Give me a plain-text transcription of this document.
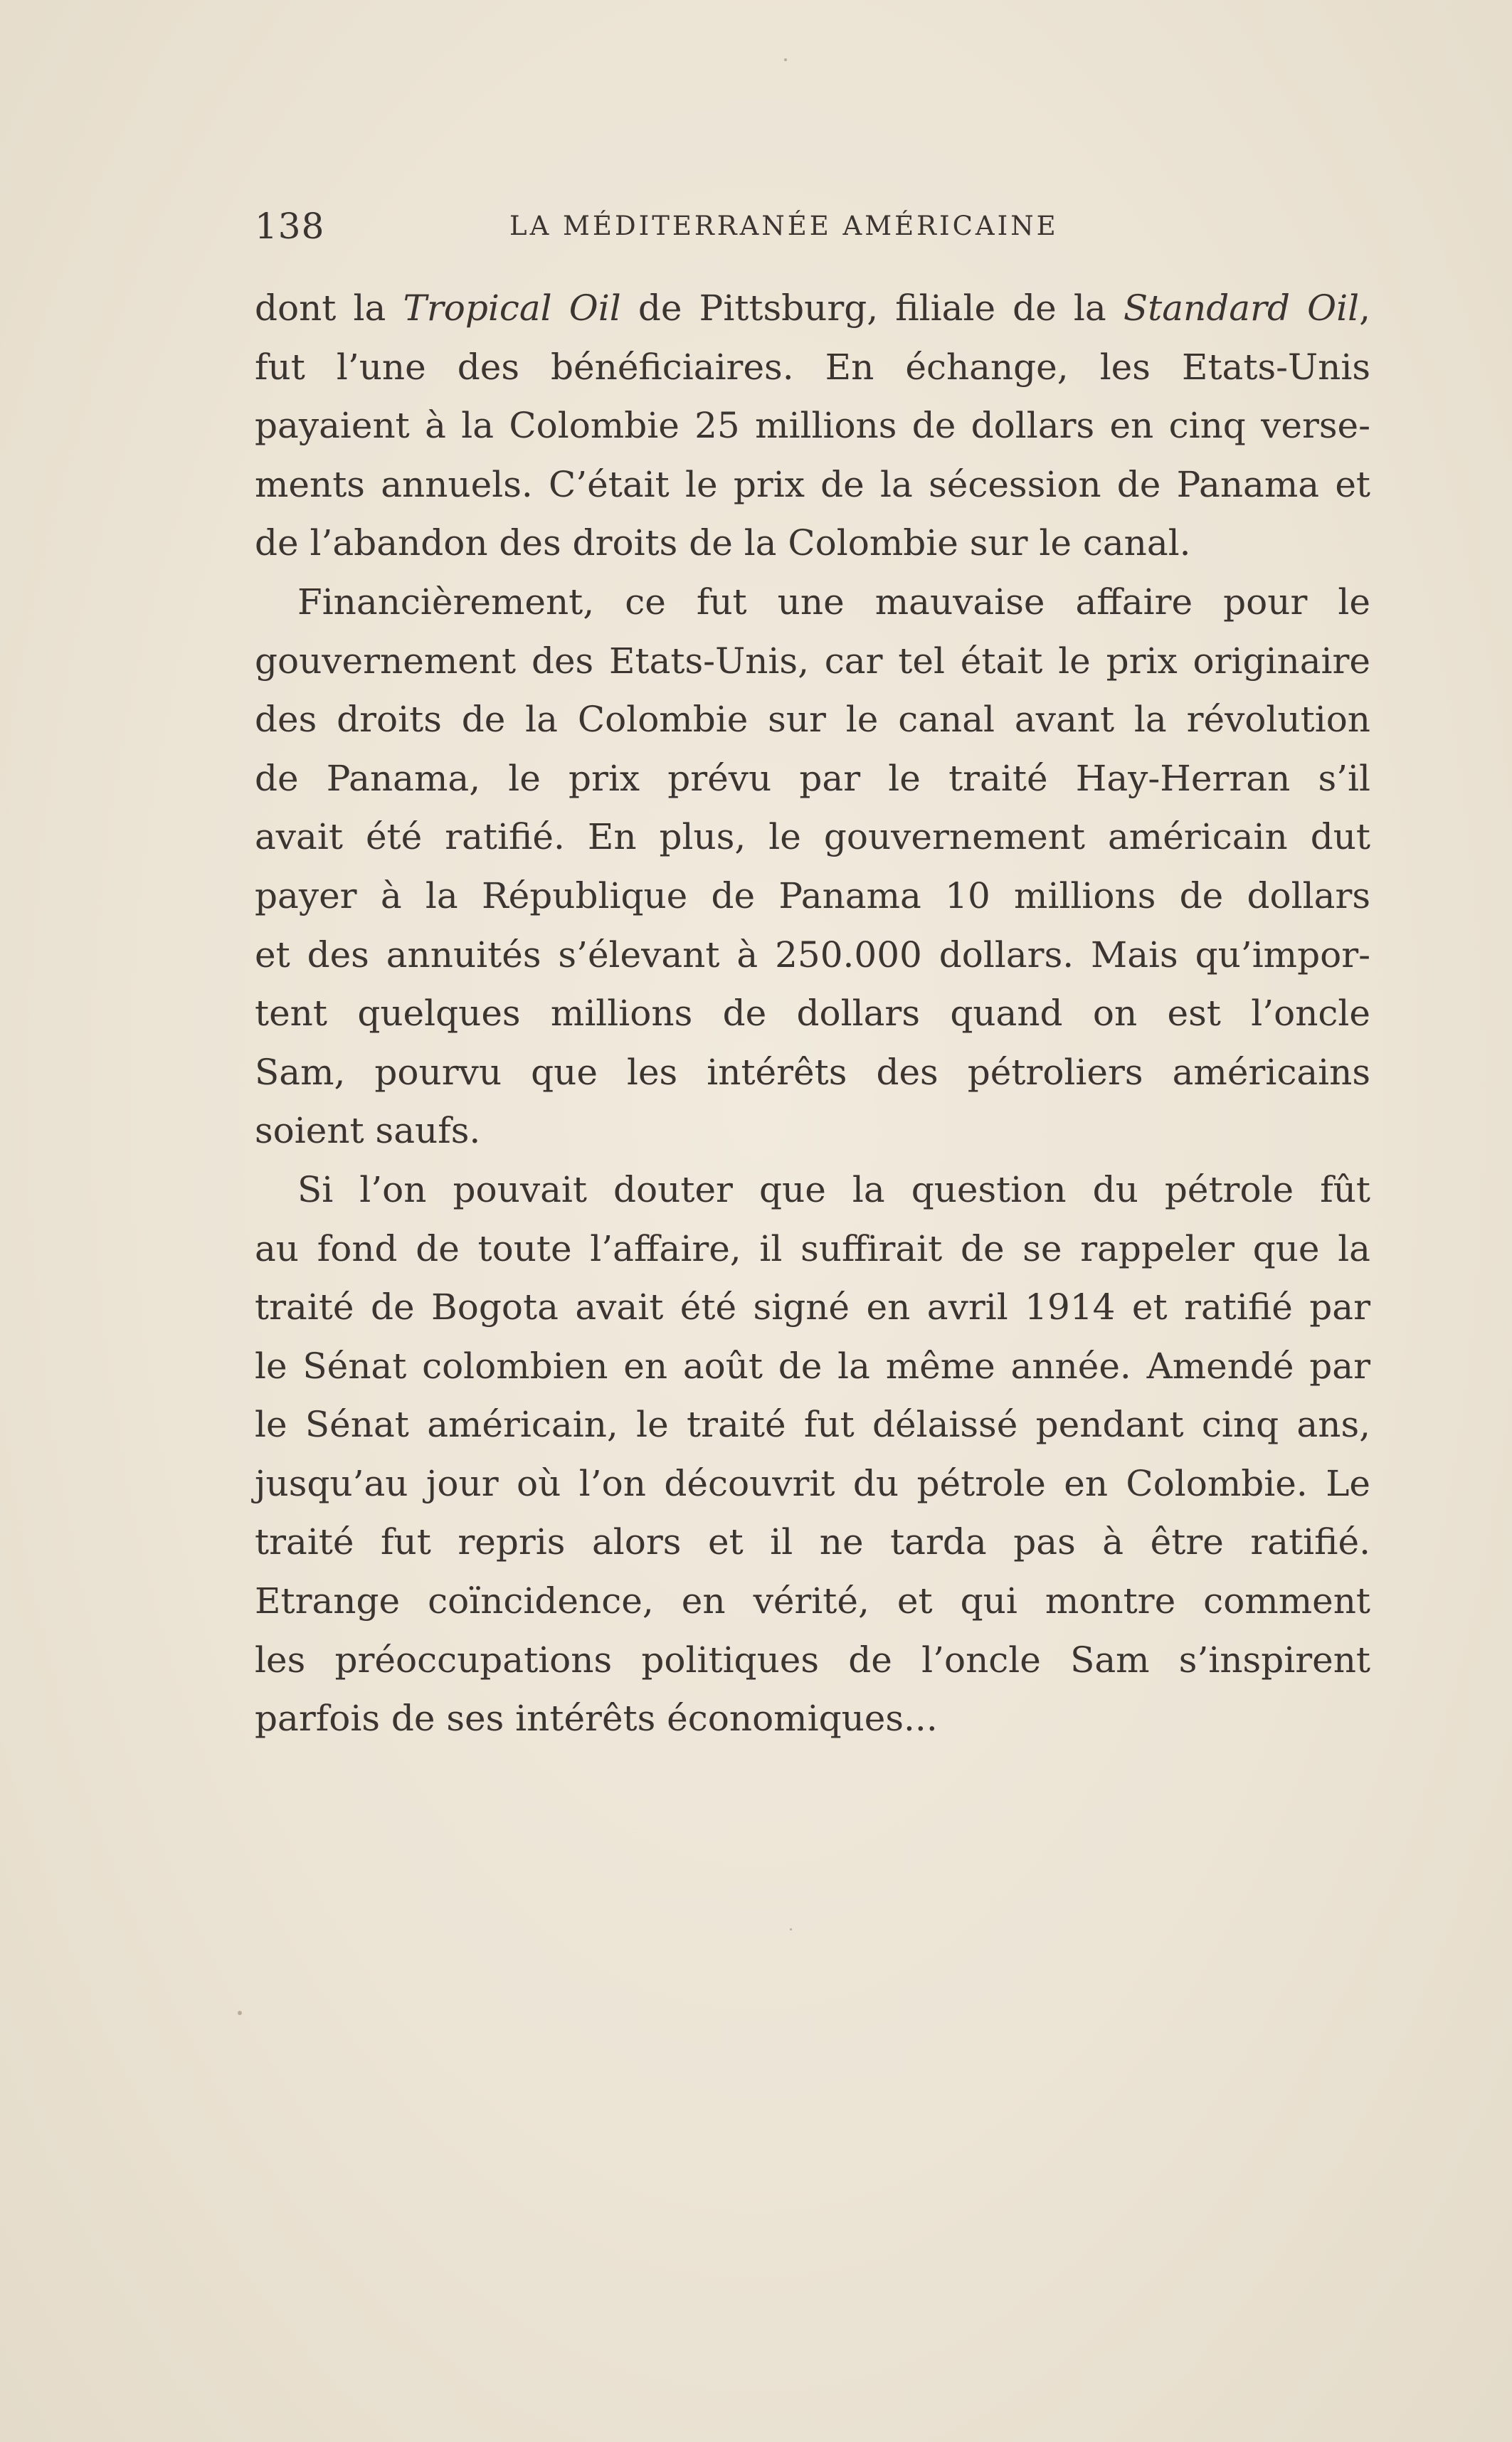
138	LA MÉDITERRANÉE AMÉRICAINE
dont la Tropical Oil de Pittsburg, filiale de la Standard Oil,
fut l’une des bénéficiaires. En échange, les Etats-Unis
payaient à la Colombie 25 millions de dollars en cinq verse-
ments annuels. C’était le prix de la sécession de Panama et
de l’abandon des droits de la Colombie sur le canal.
Financièrement, ce fut une mauvaise affaire pour le
gouvernement des Etats-Unis, car tel était le prix originaire
des droits de la Colombie sur le canal avant la révolution
de Panama, le prix prévu par le traité Hay-Herran s’il
avait été ratifié. En plus, le gouvernement américain dut
payer à la République de Panama 10 millions de dollars
et des annuités s’élevant à 250.000 dollars. Mais qu’impor-
tent quelques millions de dollars quand on est l’oncle
Sam, pourvu que les intérêts des pétroliers américains
soient saufs.
Si l’on pouvait douter que la question du pétrole fût
au fond de toute l’affaire, il suffirait de se rappeler que la
traité de Bogota avait été signé en avril 1914 et ratifié par
le Sénat colombien en août de la même année. Amendé par
le Sénat américain, le traité fut délaissé pendant cinq ans,
jusqu’au jour où l’on découvrit du pétrole en Colombie. Le
traité fut repris alors et il ne tarda pas à être ratifié.
Etrange coïncidence, en vérité, et qui montre comment
les préoccupations politiques de l’oncle Sam s’inspirent
parfois de ses intérêts économiques...
